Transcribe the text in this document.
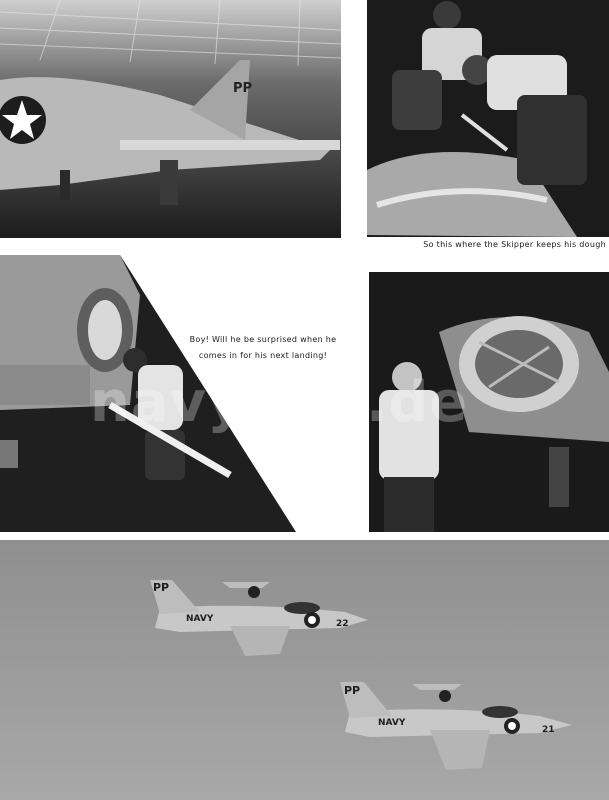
PP
So this where the Skipper keeps his dough
Boy! Will he be surprised when he
comes in for his next landing!
PP
NAVY	22
PP
NAVY
21
navysite.de
